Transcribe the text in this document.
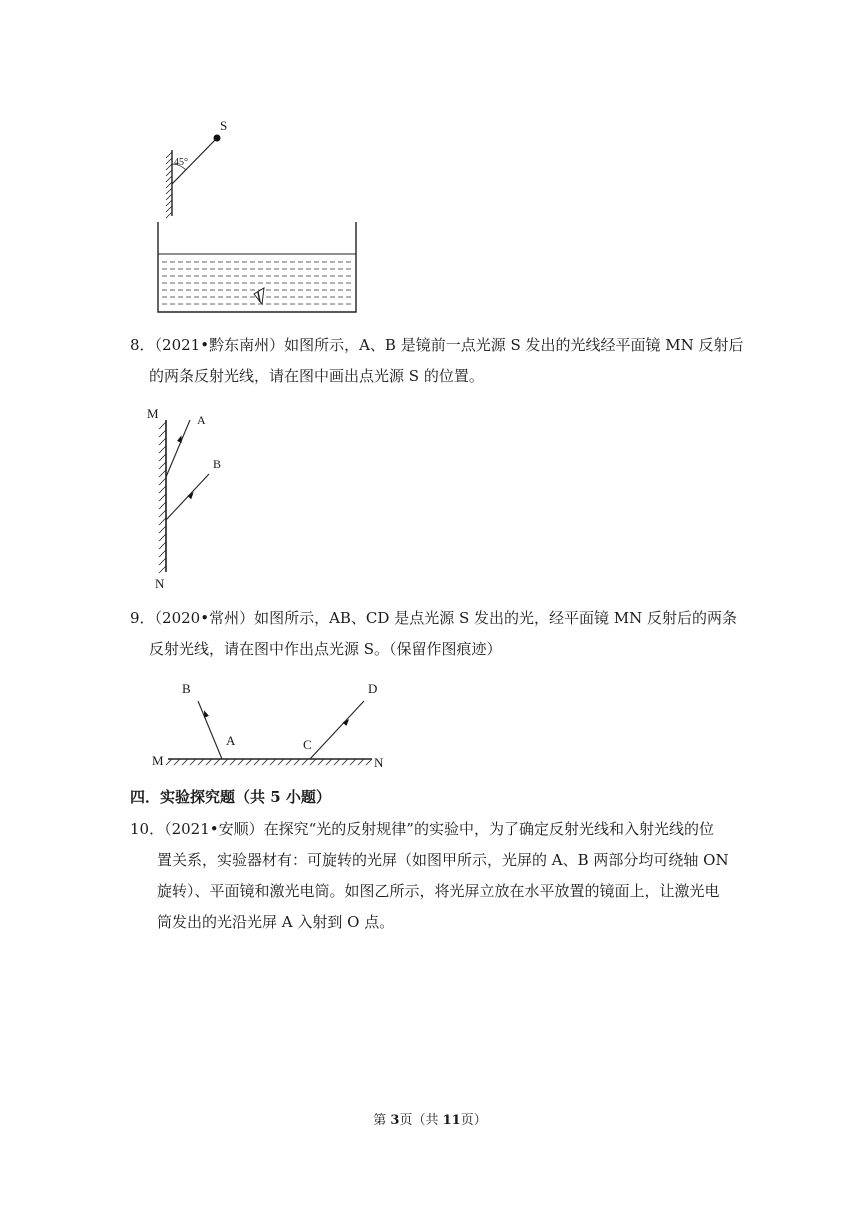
S
45°
8．（2021•黔东南州）如图所示，A、B 是镜前一点光源 S 发出的光线经平面镜 MN 反射后
的两条反射光线，请在图中画出点光源 S 的位置。
M	A
B
N
9．（2020•常州）如图所示，AB、CD 是点光源 S 发出的光，经平面镜 MN 反射后的两条
反射光线，请在图中作出点光源 S。（保留作图痕迹）
B	D
A	C
M	N
四．实验探究题（共 5 小题）
10．（2021•安顺）在探究“光的反射规律”的实验中，为了确定反射光线和入射光线的位
置关系，实验器材有：可旋转的光屏（如图甲所示，光屏的 A、B 两部分均可绕轴 ON
旋转）、平面镜和激光电筒。如图乙所示，将光屏立放在水平放置的镜面上，让激光电
筒发出的光沿光屏 A 入射到 O 点。
第 3页（共 11页）
